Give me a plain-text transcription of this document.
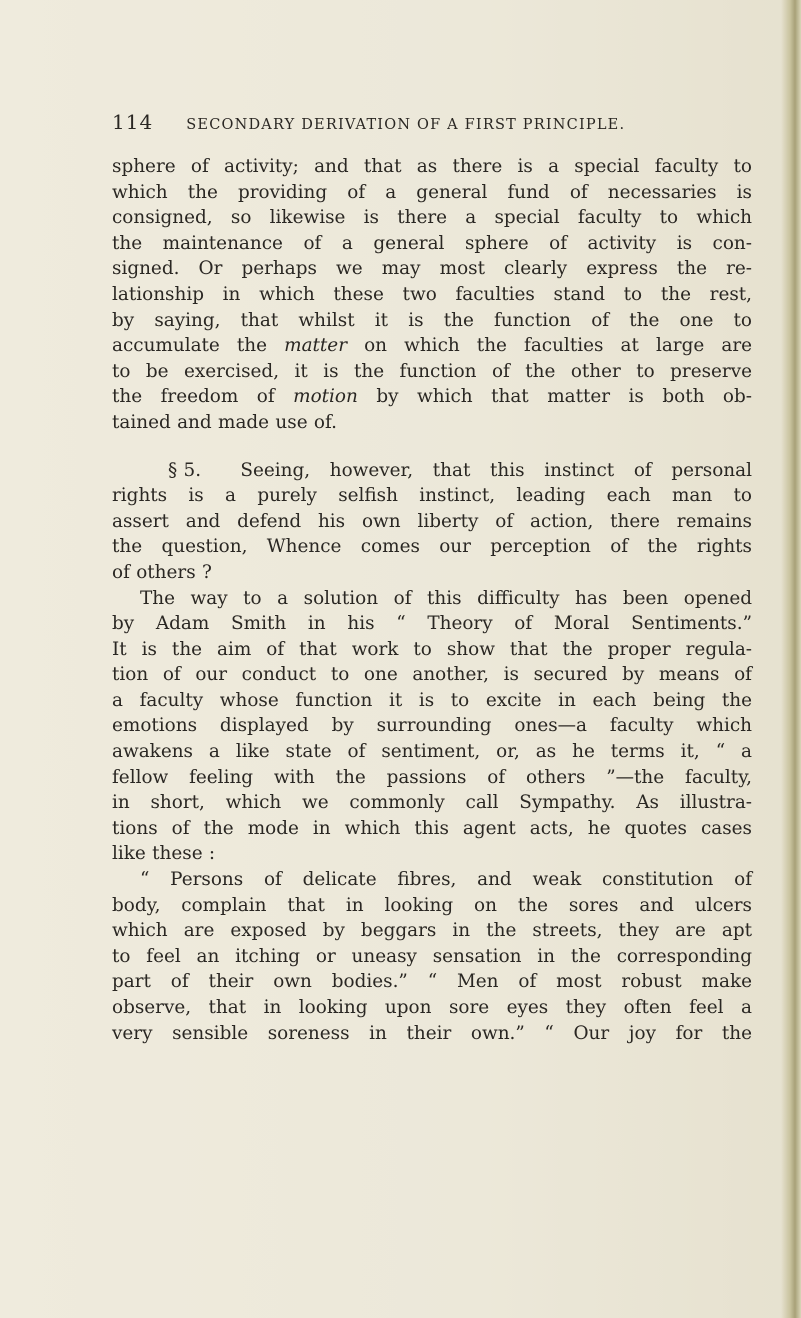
114 SECONDARY DERIVATION OF A FIRST PRINCIPLE.

sphere of activity; and that as there is a special faculty to

which the providing of a general fund of necessaries is

consigned, so likewise is there a special faculty to which

the maintenance of a general sphere of activity is con-

signed. Or perhaps we may most clearly express the re-

lationship in which these two faculties stand to the rest,

by saying, that whilst it is the function of the one to

accumulate the matter on which the faculties at large are

to be exercised, it is the function of the other to preserve

the freedom of motion by which that matter is both ob-

tained and made use of.

§ 5. Seeing, however, that this instinct of personal

rights is a purely selfish instinct, leading each man to

assert and defend his own liberty of action, there remains

the question, Whence comes our perception of the rights

of others ?

The way to a solution of this difficulty has been opened

by Adam Smith in his “ Theory of Moral Sentiments.”

It is the aim of that work to show that the proper regula-

tion of our conduct to one another, is secured by means of

a faculty whose function it is to excite in each being the

emotions displayed by surrounding ones—a faculty which

awakens a like state of sentiment, or, as he terms it, “ a

fellow feeling with the passions of others ”—the faculty,

in short, which we commonly call Sympathy. As illustra-

tions of the mode in which this agent acts, he quotes cases

like these :

“ Persons of delicate fibres, and weak constitution of

body, complain that in looking on the sores and ulcers

which are exposed by beggars in the streets, they are apt

to feel an itching or uneasy sensation in the corresponding

part of their own bodies.” “ Men of most robust make

observe, that in looking upon sore eyes they often feel a

very sensible soreness in their own.” “ Our joy for the
